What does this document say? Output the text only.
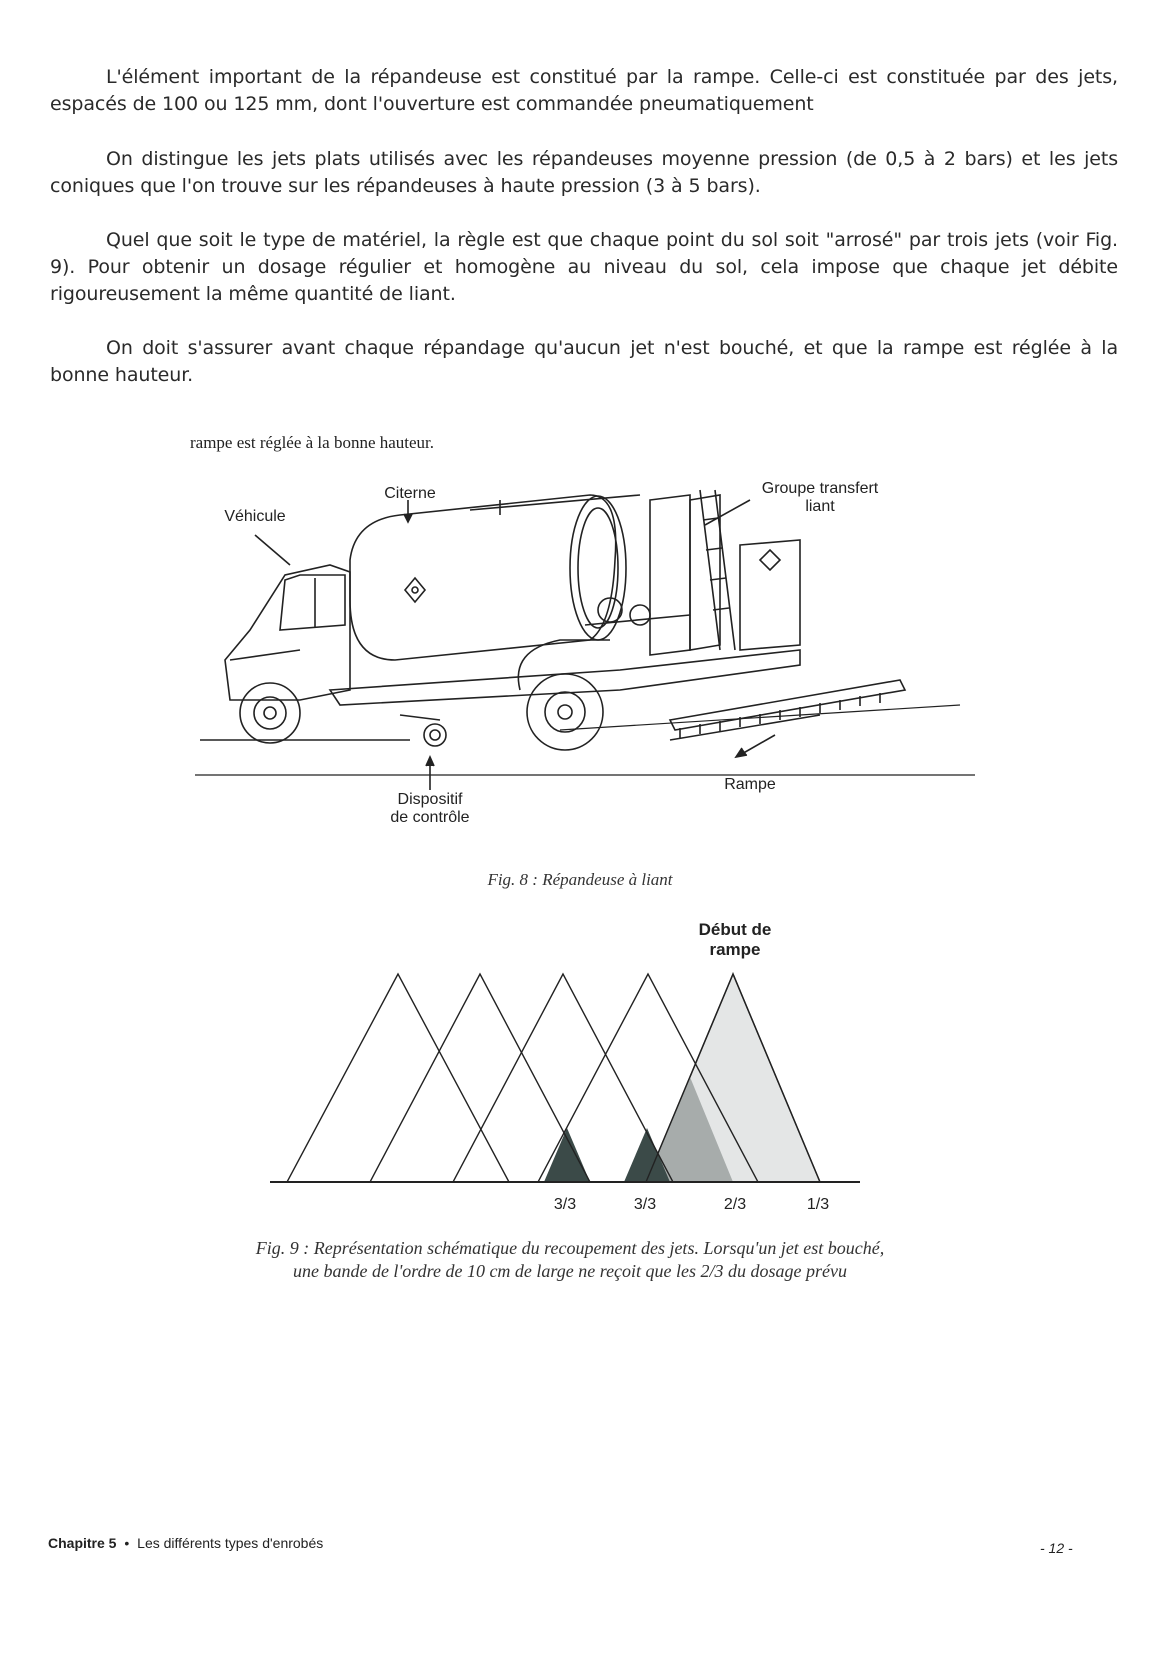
L'élément important de la répandeuse est constitué par la rampe. Celle-ci est constituée par des jets, espacés de 100 ou 125 mm, dont l'ouverture est commandée pneumatiquement
On distingue les jets plats utilisés avec les répandeuses moyenne pression (de 0,5 à 2 bars) et les jets coniques que l'on trouve sur les répandeuses à haute pression (3 à 5 bars).
Quel que soit le type de matériel, la règle est que chaque point du sol soit "arrosé" par trois jets (voir Fig. 9). Pour obtenir un dosage régulier et homogène au niveau du sol, cela impose que chaque jet débite rigoureusement la même quantité de liant.
On doit s'assurer avant chaque répandage qu'aucun jet n'est bouché, et que la rampe est réglée à la bonne hauteur.
rampe est réglée à la bonne hauteur.
Véhicule
Citerne	Groupe transfert
liant
Rampe
Dispositif
de contrôle
Fig. 8 : Répandeuse à liant
Début de
rampe
3/3	3/3	2/3	1/3
Fig. 9 : Représentation schématique du recoupement des jets. Lorsqu'un jet est bouché,
une bande de l'ordre de 10 cm de large ne reçoit que les 2/3 du dosage prévu
Chapitre 5 • Les différents types d'enrobés	- 12 -
